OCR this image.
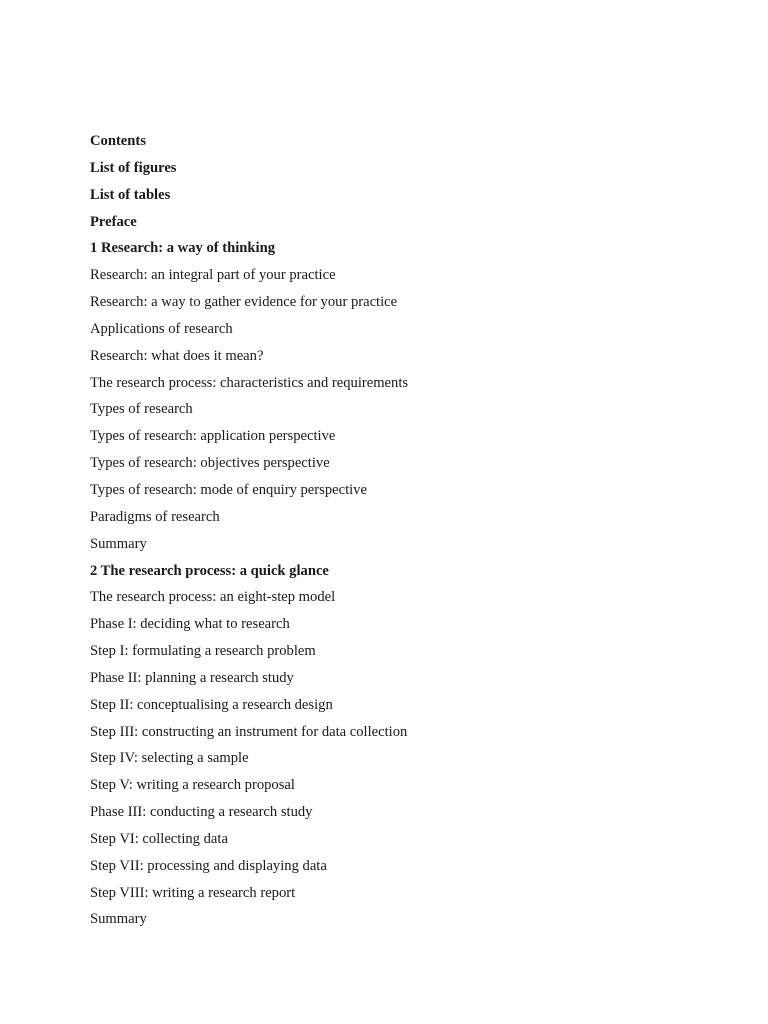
Contents
List of figures
List of tables
Preface
1 Research: a way of thinking
Research: an integral part of your practice
Research: a way to gather evidence for your practice
Applications of research
Research: what does it mean?
The research process: characteristics and requirements
Types of research
Types of research: application perspective
Types of research: objectives perspective
Types of research: mode of enquiry perspective
Paradigms of research
Summary
2 The research process: a quick glance
The research process: an eight-step model
Phase I: deciding what to research
Step I: formulating a research problem
Phase II: planning a research study
Step II: conceptualising a research design
Step III: constructing an instrument for data collection
Step IV: selecting a sample
Step V: writing a research proposal
Phase III: conducting a research study
Step VI: collecting data
Step VII: processing and displaying data
Step VIII: writing a research report
Summary
